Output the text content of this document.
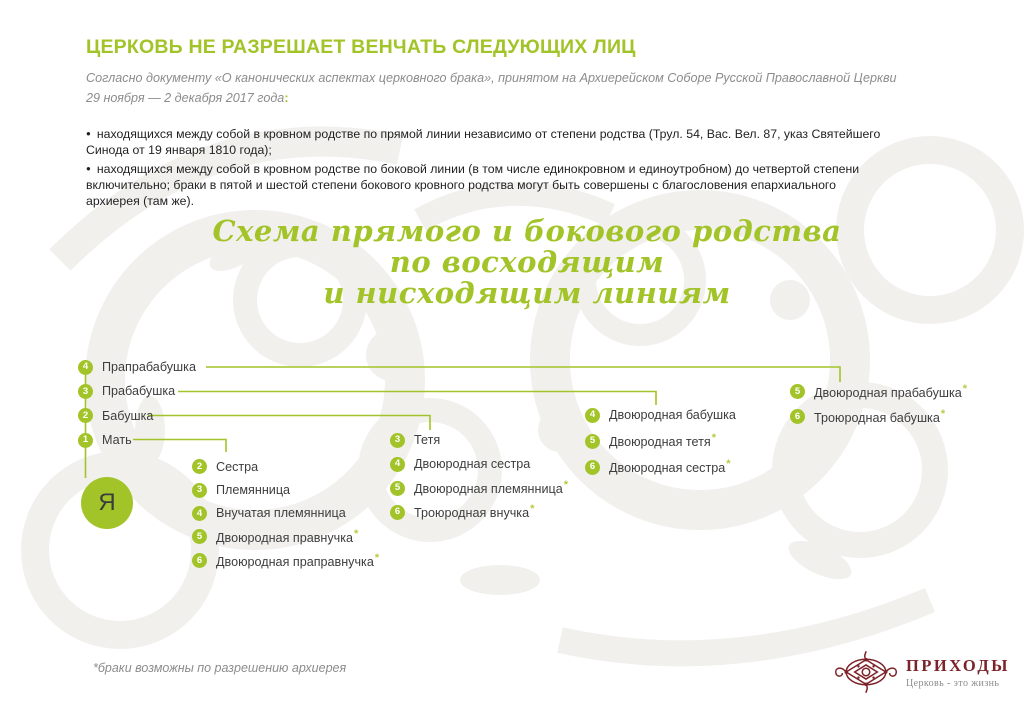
ЦЕРКОВЬ НЕ РАЗРЕШАЕТ ВЕНЧАТЬ СЛЕДУЮЩИХ ЛИЦ

Согласно документу «О канонических аспектах церковного брака», принятом на Архиерейском Соборе Русской Православной Церкви
29 ноября — 2 декабря 2017 года:

● находящихся между собой в кровном родстве по прямой линии независимо от степени родства (Трул. 54, Вас. Вел. 87, указ Святейшего Синода от 19 января 1810 года);

● находящихся между собой в кровном родстве по боковой линии (в том числе единокровном и единоутробном) до четвертой степени включительно; браки в пятой и шестой степени бокового кровного родства могут быть совершены с благословения епархиального архиерея (там же).

Схема прямого и бокового родства
по восходящим
и нисходящим линиям
4	Прапрабабушка
3	Прабабушка
2	Бабушка
1	Мать
2	Сестра
3	Племянница
4	Внучатая племянница
5	Двоюродная правнучка*
6	Двоюродная праправнучка*
3	Тетя
4	Двоюродная сестра
5	Двоюродная племянница*
6	Троюродная внучка*
4	Двоюродная бабушка
5	Двоюродная тетя*
6	Двоюродная сестра*
5	Двоюродная прабабушка*
6	Троюродная бабушка*
Я

*браки возможны по разрешению архиерея	ПРИХОДЫ
Церковь - это жизнь
